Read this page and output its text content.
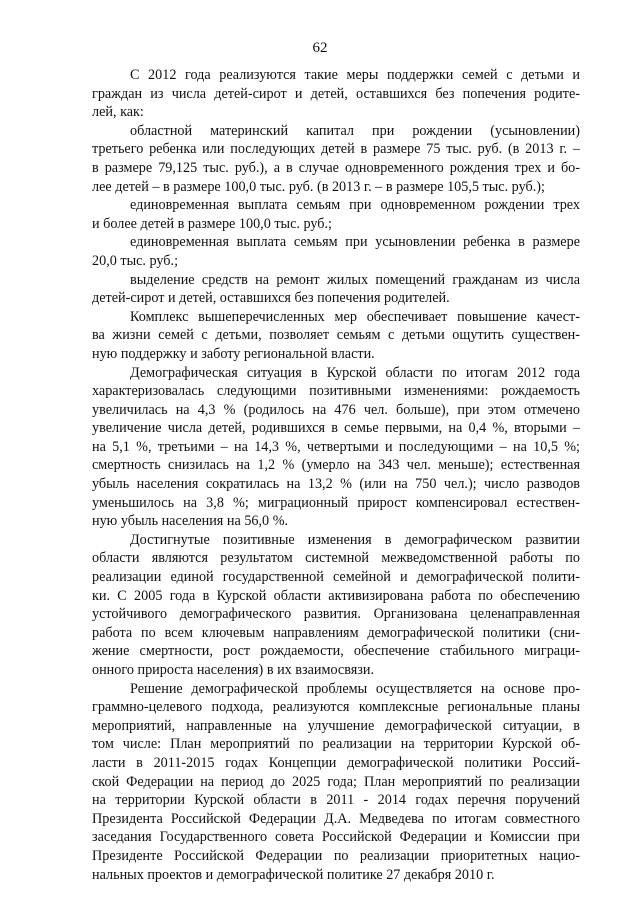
62
С 2012 года реализуются такие меры поддержки семей с детьми и
граждан из числа детей-сирот и детей, оставшихся без попечения родите-
лей, как:
областной материнский капитал при рождении (усыновлении)
третьего ребенка или последующих детей в размере 75 тыс. руб. (в 2013 г. –
в размере 79,125 тыс. руб.), а в случае одновременного рождения трех и бо-
лее детей – в размере 100,0 тыс. руб. (в 2013 г. – в размере 105,5 тыс. руб.);
единовременная выплата семьям при одновременном рождении трех
и более детей в размере 100,0 тыс. руб.;
единовременная выплата семьям при усыновлении ребенка в размере
20,0 тыс. руб.;
выделение средств на ремонт жилых помещений гражданам из числа
детей-сирот и детей, оставшихся без попечения родителей.
Комплекс вышеперечисленных мер обеспечивает повышение качест-
ва жизни семей с детьми, позволяет семьям с детьми ощутить существен-
ную поддержку и заботу региональной власти.
Демографическая ситуация в Курской области по итогам 2012 года
характеризовалась следующими позитивными изменениями: рождаемость
увеличилась на 4,3 % (родилось на 476 чел. больше), при этом отмечено
увеличение числа детей, родившихся в семье первыми, на 0,4 %, вторыми –
на 5,1 %, третьими – на 14,3 %, четвертыми и последующими – на 10,5 %;
смертность снизилась на 1,2 % (умерло на 343 чел. меньше); естественная
убыль населения сократилась на 13,2 % (или на 750 чел.); число разводов
уменьшилось на 3,8 %; миграционный прирост компенсировал естествен-
ную убыль населения на 56,0 %.
Достигнутые позитивные изменения в демографическом развитии
области являются результатом системной межведомственной работы по
реализации единой государственной семейной и демографической полити-
ки. С 2005 года в Курской области активизирована работа по обеспечению
устойчивого демографического развития. Организована целенаправленная
работа по всем ключевым направлениям демографической политики (сни-
жение смертности, рост рождаемости, обеспечение стабильного миграци-
онного прироста населения) в их взаимосвязи.
Решение демографической проблемы осуществляется на основе про-
граммно-целевого подхода, реализуются комплексные региональные планы
мероприятий, направленные на улучшение демографической ситуации, в
том числе: План мероприятий по реализации на территории Курской об-
ласти в 2011-2015 годах Концепции демографической политики Россий-
ской Федерации на период до 2025 года; План мероприятий по реализации
на территории Курской области в 2011 - 2014 годах перечня поручений
Президента Российской Федерации Д.А. Медведева по итогам совместного
заседания Государственного совета Российской Федерации и Комиссии при
Президенте Российской Федерации по реализации приоритетных нацио-
нальных проектов и демографической политике 27 декабря 2010 г.
